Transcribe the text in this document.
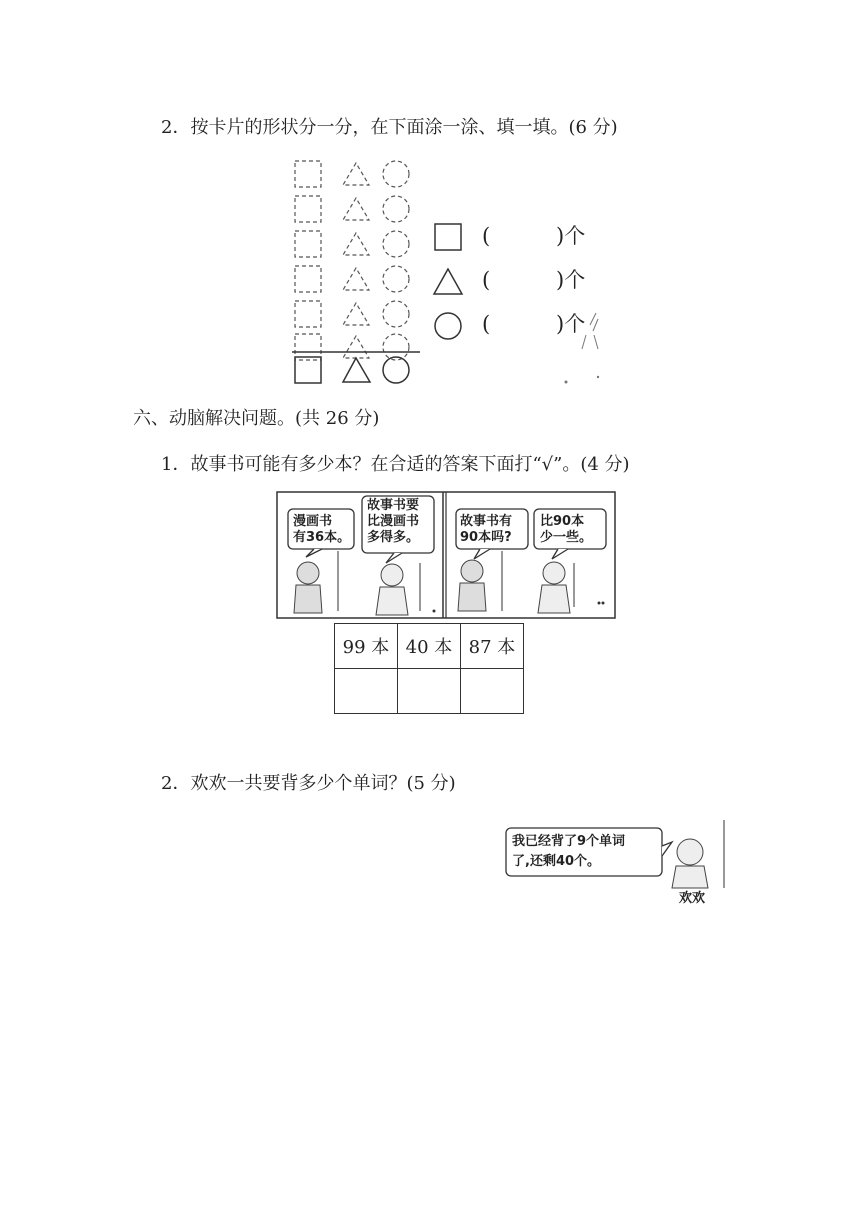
2．按卡片的形状分一分，在下面涂一涂、填一填。(6 分)
(	)个
(	)个
(	)个
六、动脑解决问题。(共 26 分)
1．故事书可能有多少本？在合适的答案下面打“√”。(4 分)
漫画书
有36本。
故事书要
比漫画书
多得多。
故事书有
90本吗?
比90本
少一些。
99 本	40 本	87 本

2．欢欢一共要背多少个单词？(5 分)
我已经背了9个单词
了,还剩40个。
欢欢
